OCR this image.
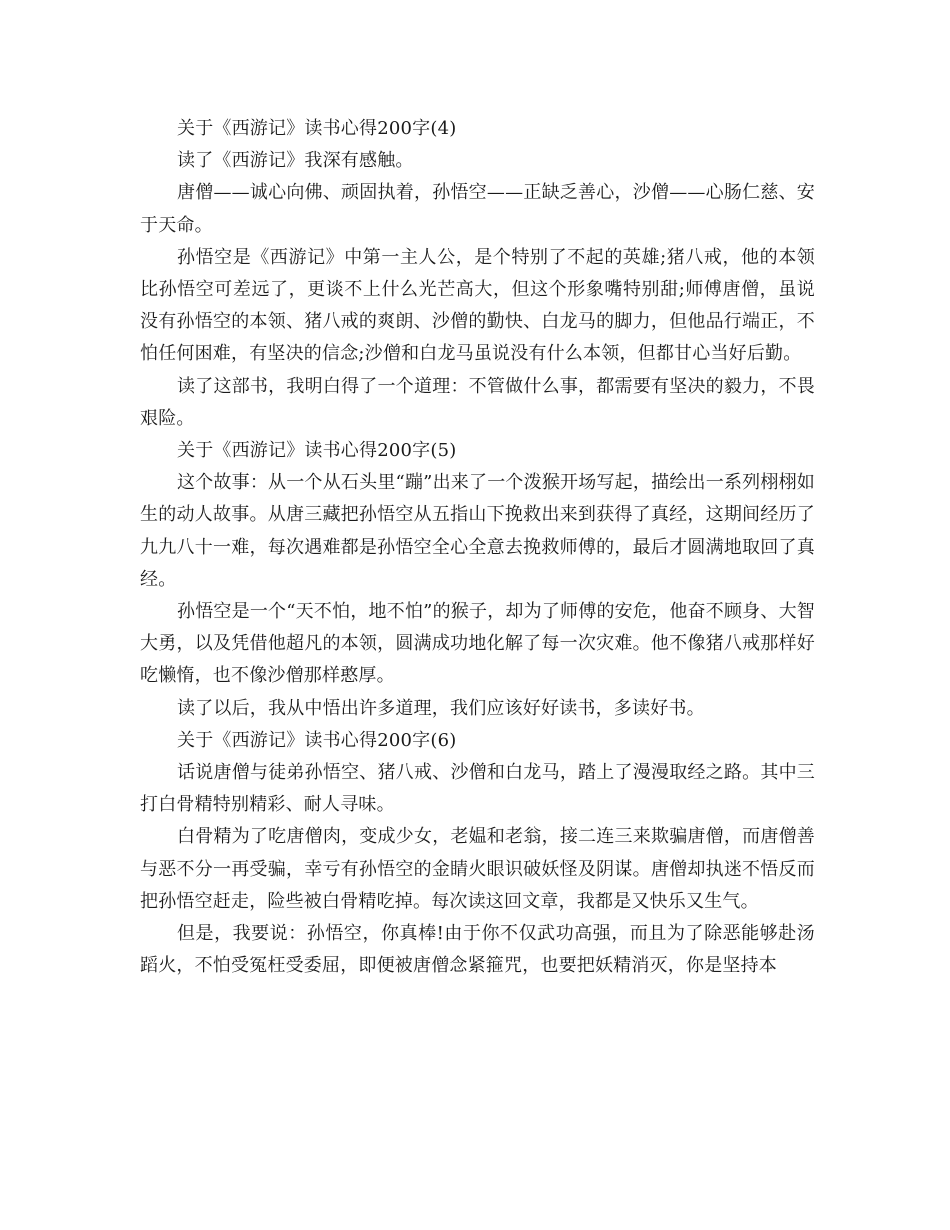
关于《西游记》读书心得200字(4)

读了《西游记》我深有感触。

唐僧——诚心向佛、顽固执着，孙悟空——正缺乏善心，沙僧——心肠仁慈、安于天命。

孙悟空是《西游记》中第一主人公，是个特别了不起的英雄;猪八戒，他的本领比孙悟空可差远了，更谈不上什么光芒高大，但这个形象嘴特别甜;师傅唐僧，虽说没有孙悟空的本领、猪八戒的爽朗、沙僧的勤快、白龙马的脚力，但他品行端正，不怕任何困难，有坚决的信念;沙僧和白龙马虽说没有什么本领，但都甘心当好后勤。

读了这部书，我明白得了一个道理：不管做什么事，都需要有坚决的毅力，不畏艰险。

关于《西游记》读书心得200字(5)

这个故事：从一个从石头里“蹦”出来了一个泼猴开场写起，描绘出一系列栩栩如生的动人故事。从唐三藏把孙悟空从五指山下挽救出来到获得了真经，这期间经历了九九八十一难，每次遇难都是孙悟空全心全意去挽救师傅的，最后才圆满地取回了真经。

孙悟空是一个“天不怕，地不怕”的猴子，却为了师傅的安危，他奋不顾身、大智大勇，以及凭借他超凡的本领，圆满成功地化解了每一次灾难。他不像猪八戒那样好吃懒惰，也不像沙僧那样憨厚。

读了以后，我从中悟出许多道理，我们应该好好读书，多读好书。

关于《西游记》读书心得200字(6)

话说唐僧与徒弟孙悟空、猪八戒、沙僧和白龙马，踏上了漫漫取经之路。其中三打白骨精特别精彩、耐人寻味。

白骨精为了吃唐僧肉，变成少女，老媪和老翁，接二连三来欺骗唐僧，而唐僧善与恶不分一再受骗，幸亏有孙悟空的金睛火眼识破妖怪及阴谋。唐僧却执迷不悟反而把孙悟空赶走，险些被白骨精吃掉。每次读这回文章，我都是又快乐又生气。

但是，我要说：孙悟空，你真棒!由于你不仅武功高强，而且为了除恶能够赴汤蹈火，不怕受冤枉受委屈，即便被唐僧念紧箍咒，也要把妖精消灭，你是坚持本
